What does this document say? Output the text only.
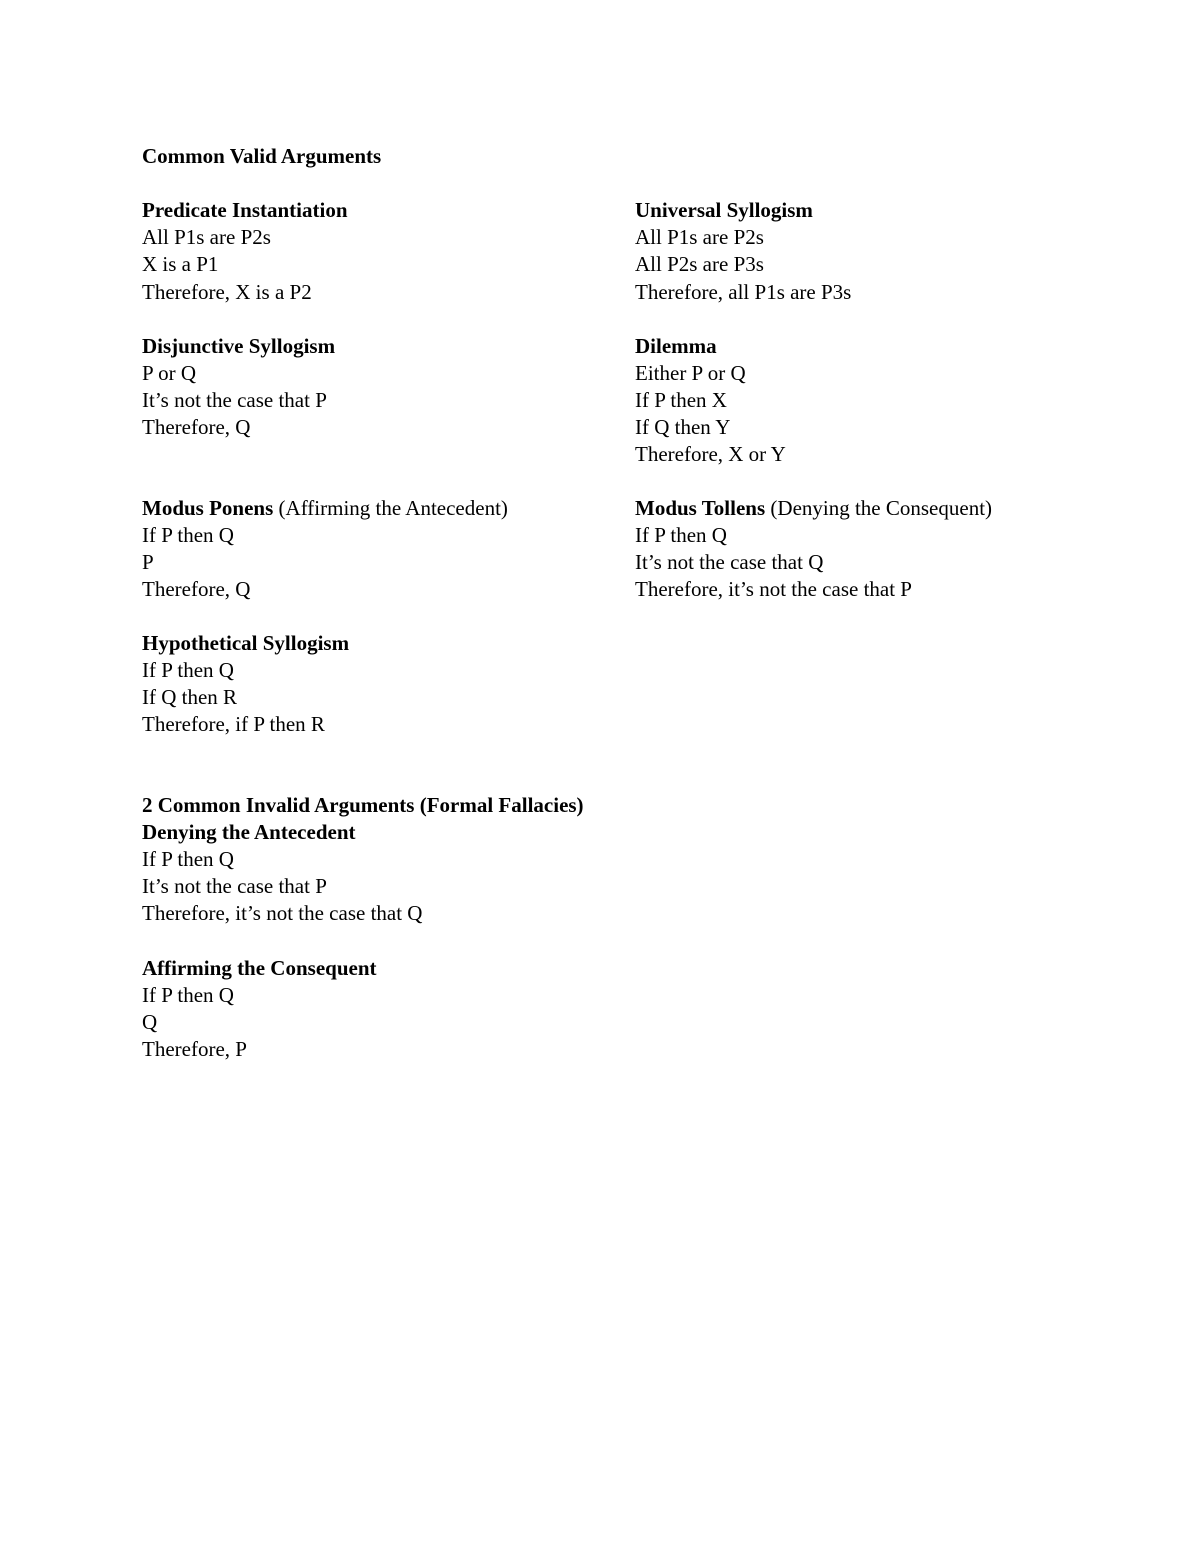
Common Valid Arguments
Predicate Instantiation
All P1s are P2s
X is a P1
Therefore, X is a P2
Universal Syllogism
All P1s are P2s
All P2s are P3s
Therefore, all P1s are P3s
Disjunctive Syllogism
P or Q
It’s not the case that P
Therefore, Q
Dilemma
Either P or Q
If P then X
If Q then Y
Therefore, X or Y
Modus Ponens (Affirming the Antecedent)
If P then Q
P
Therefore, Q
Modus Tollens (Denying the Consequent)
If P then Q
It’s not the case that Q
Therefore, it’s not the case that P
Hypothetical Syllogism
If P then Q
If Q then R
Therefore, if P then R
2 Common Invalid Arguments (Formal Fallacies)
Denying the Antecedent
If P then Q
It’s not the case that P
Therefore, it’s not the case that Q
Affirming the Consequent
If P then Q
Q
Therefore, P
